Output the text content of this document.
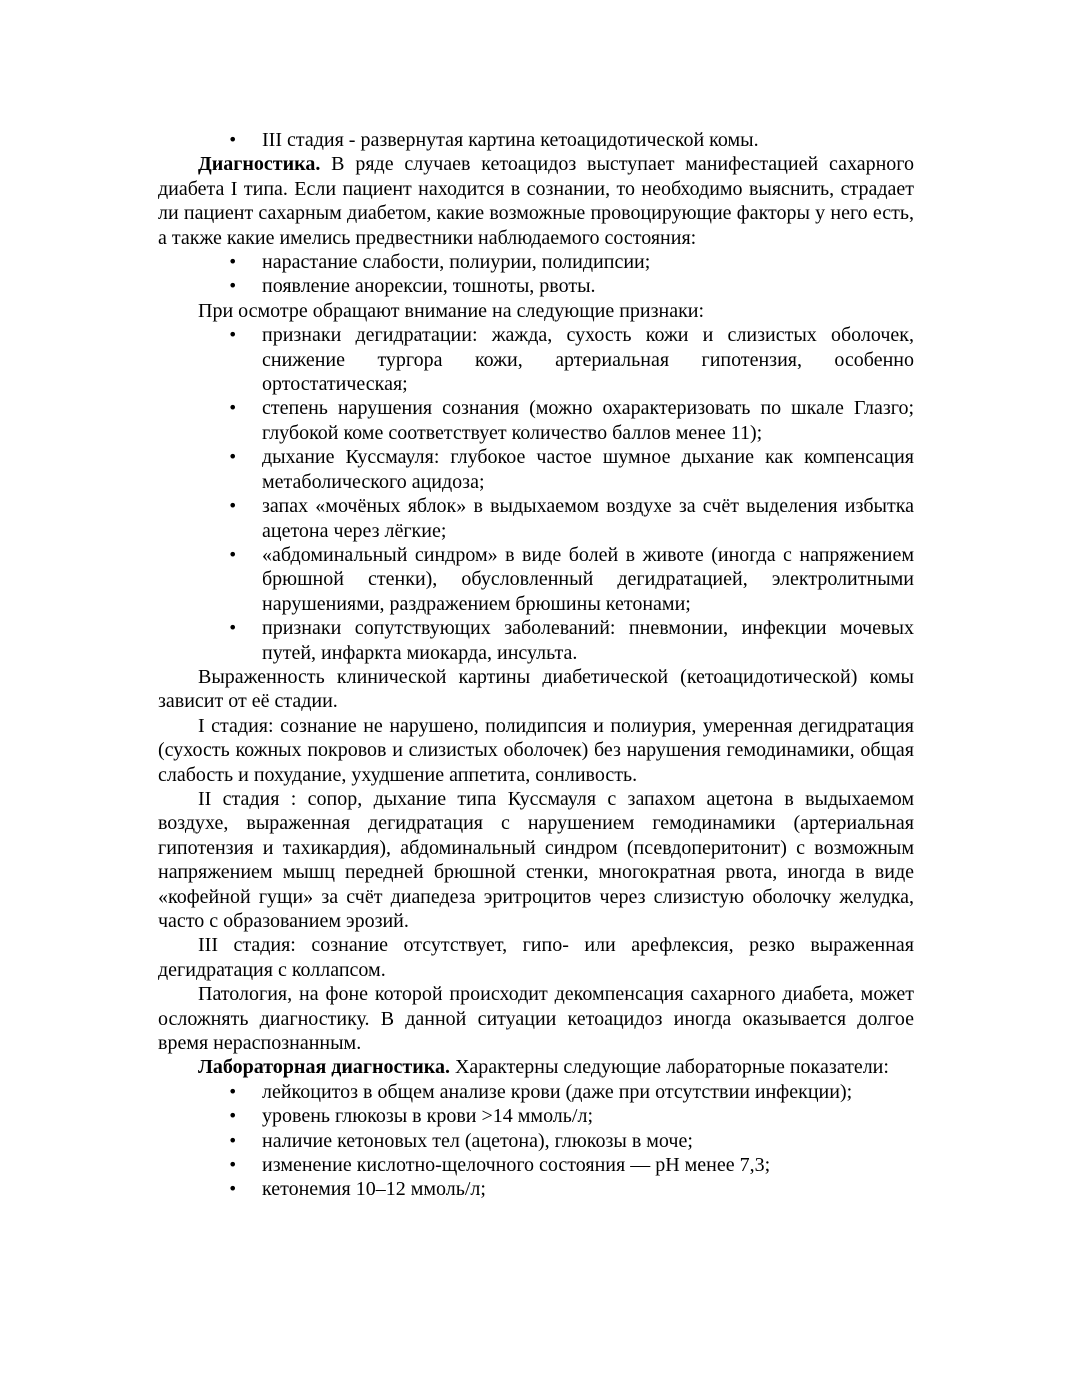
• III стадия - развернутая картина кетоацидотической комы.

Диагностика. В ряде случаев кетоацидоз выступает манифестацией сахарного диабета I типа. Если пациент находится в сознании, то необходимо выяснить, страдает ли пациент сахарным диабетом, какие возможные провоцирующие факторы у него есть, а также какие имелись предвестники наблюдаемого состояния:

• нарастание слабости, полиурии, полидипсии;
• появление анорексии, тошноты, рвоты.

При осмотре обращают внимание на следующие признаки:

• признаки дегидратации: жажда, сухость кожи и слизистых оболочек, снижение тургора кожи, артериальная гипотензия, особенно ортостатическая;
• степень нарушения сознания (можно охарактеризовать по шкале Глазго; глубокой коме соответствует количество баллов менее 11);
• дыхание Куссмауля: глубокое частое шумное дыхание как компенсация метаболического ацидоза;
• запах «мочёных яблок» в выдыхаемом воздухе за счёт выделения избытка ацетона через лёгкие;
• «абдоминальный синдром» в виде болей в животе (иногда с напряжением брюшной стенки), обусловленный дегидратацией, электролитными нарушениями, раздражением брюшины кетонами;
• признаки сопутствующих заболеваний: пневмонии, инфекции мочевых путей, инфаркта миокарда, инсульта.

Выраженность клинической картины диабетической (кетоацидотической) комы зависит от её стадии.

I стадия: сознание не нарушено, полидипсия и полиурия, умеренная дегидратация (сухость кожных покровов и слизистых оболочек) без нарушения гемодинамики, общая слабость и похудание, ухудшение аппетита, сонливость.

II стадия : сопор, дыхание типа Куссмауля с запахом ацетона в выдыхаемом воздухе, выраженная дегидратация с нарушением гемодинамики (артериальная гипотензия и тахикардия), абдоминальный синдром (псевдоперитонит) с возможным напряжением мышц передней брюшной стенки, многократная рвота, иногда в виде «кофейной гущи» за счёт диапедеза эритроцитов через слизистую оболочку желудка, часто с образованием эрозий.

III стадия: сознание отсутствует, гипо- или арефлексия, резко выраженная дегидратация с коллапсом.

Патология, на фоне которой происходит декомпенсация сахарного диабета, может осложнять диагностику. В данной ситуации кетоацидоз иногда оказывается долгое время нераспознанным.

Лабораторная диагностика. Характерны следующие лабораторные показатели:

• лейкоцитоз в общем анализе крови (даже при отсутствии инфекции);
• уровень глюкозы в крови >14 ммоль/л;
• наличие кетоновых тел (ацетона), глюкозы в моче;
• изменение кислотно-щелочного состояния — pH менее 7,3;
• кетонемия 10–12 ммоль/л;
